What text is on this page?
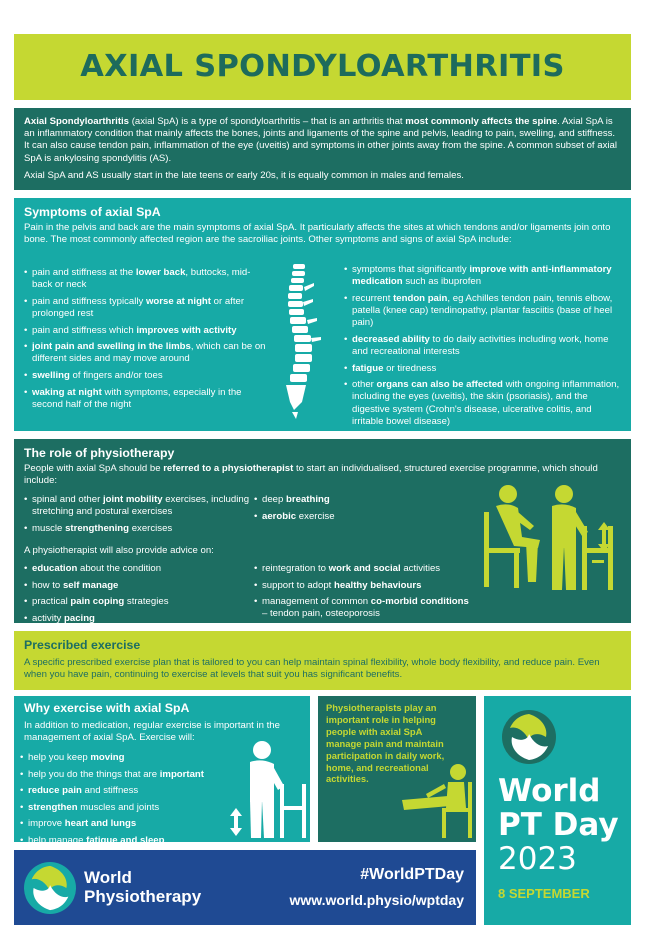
AXIAL SPONDYLOARTHRITIS

Axial Spondyloarthritis (axial SpA) is a type of spondyloarthritis – that is an arthritis that most commonly affects the spine. Axial SpA is an inflammatory condition that mainly affects the bones, joints and ligaments of the spine and pelvis, leading to pain, swelling, and stiffness. It can also cause tendon pain, inflammation of the eye (uveitis) and symptoms in other joints away from the spine. A common subset of axial SpA is ankylosing spondylitis (AS).

Axial SpA and AS usually start in the late teens or early 20s, it is equally common in males and females.

Symptoms of axial SpA

Pain in the pelvis and back are the main symptoms of axial SpA. It particularly affects the sites at which tendons and/or ligaments join onto bone. The most commonly affected region are the sacroiliac joints. Other symptoms and signs of axial SpA include:

• pain and stiffness at the lower back, buttocks, mid-back or neck
• pain and stiffness typically worse at night or after prolonged rest
• pain and stiffness which improves with activity
• joint pain and swelling in the limbs, which can be on different sides and may move around
• swelling of fingers and/or toes
• waking at night with symptoms, especially in the second half of the night
• symptoms that significantly improve with anti-inflammatory medication such as ibuprofen
• recurrent tendon pain, eg Achilles tendon pain, tennis elbow, patella (knee cap) tendinopathy, plantar fasciitis (base of heel pain)
• decreased ability to do daily activities including work, home and recreational interests
• fatigue or tiredness
• other organs can also be affected with ongoing inflammation, including the eyes (uveitis), the skin (psoriasis), and the digestive system (Crohn's disease, ulcerative colitis, and irritable bowel disease)
The role of physiotherapy

People with axial SpA should be referred to a physiotherapist to start an individualised, structured exercise programme, which should include:

• spinal and other joint mobility exercises, including stretching and postural exercises
• muscle strengthening exercises
• deep breathing
• aerobic exercise

A physiotherapist will also provide advice on:

• education about the condition
• how to self manage
• practical pain coping strategies
• activity pacing
• reintegration to work and social activities
• support to adopt healthy behaviours
• management of common co-morbid conditions – tendon pain, osteoporosis
Prescribed exercise

A specific prescribed exercise plan that is tailored to you can help maintain spinal flexibility, whole body flexibility, and reduce pain. Even when you have pain, continuing to exercise at levels that suit you has significant benefits.

Why exercise with axial SpA

In addition to medication, regular exercise is important in the management of axial SpA. Exercise will:

• help you keep moving
• help you do the things that are important
• reduce pain and stiffness
• strengthen muscles and joints
• improve heart and lungs
• help manage fatigue and sleep

Physiotherapists play an important role in helping people with axial SpA manage pain and maintain participation in daily work, home, and recreational activities.	World
PT Day
2023
8 SEPTEMBER
World
Physiotherapy
#WorldPTDay
www.world.physio/wptday
